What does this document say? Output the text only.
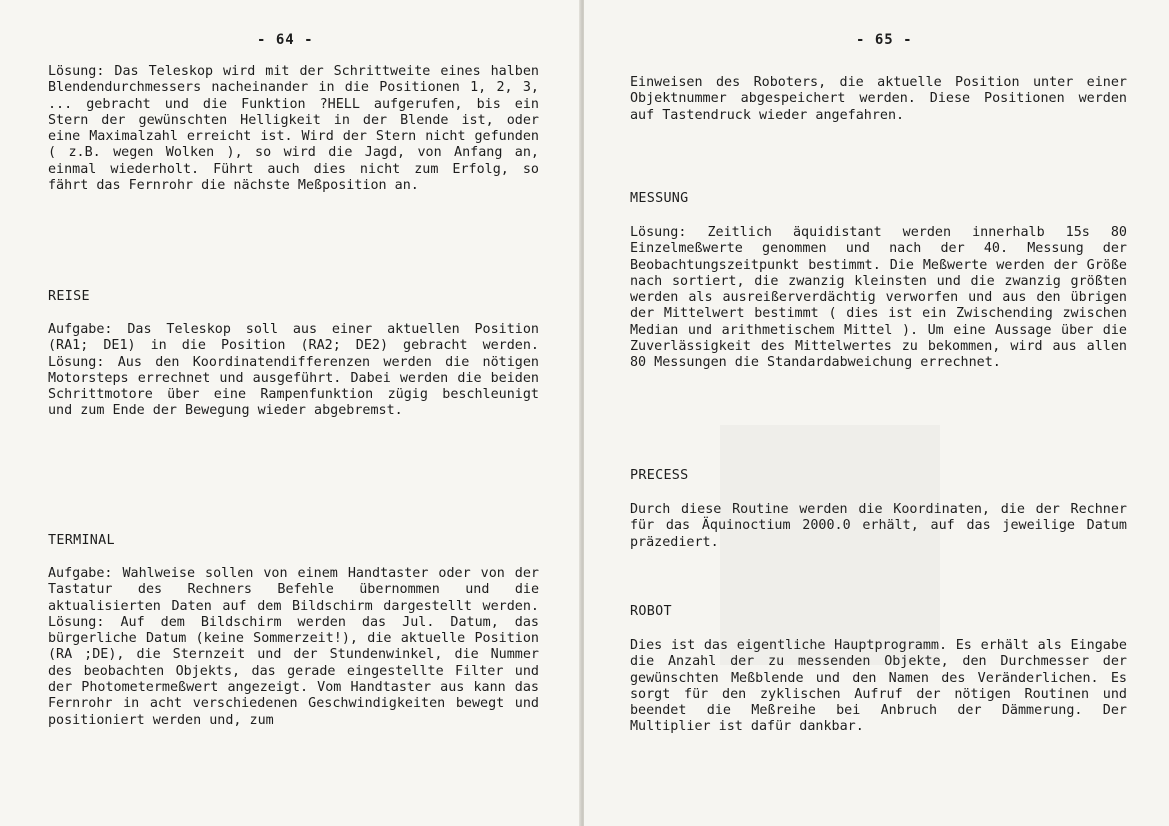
- 64 -
Lösung: Das Teleskop wird mit der Schrittweite eines halben Blendendurchmessers nacheinander in die Positionen 1, 2, 3, ... gebracht und die Funktion ?HELL aufgerufen, bis ein Stern der gewünschten Helligkeit in der Blende ist, oder eine Maximalzahl erreicht ist. Wird der Stern nicht gefunden ( z.B. wegen Wolken ), so wird die Jagd, von Anfang an, einmal wiederholt. Führt auch dies nicht zum Erfolg, so fährt das Fernrohr die nächste Meßposition an.
REISE
Aufgabe: Das Teleskop soll aus einer aktuellen Position (RA1; DE1) in die Position (RA2; DE2) gebracht werden. Lösung: Aus den Koordinatendifferenzen werden die nötigen Motorsteps errechnet und ausgeführt. Dabei werden die beiden Schrittmotore über eine Rampenfunktion zügig beschleunigt und zum Ende der Bewegung wieder abgebremst.
TERMINAL
Aufgabe: Wahlweise sollen von einem Handtaster oder von der Tastatur des Rechners Befehle übernommen und die aktualisierten Daten auf dem Bildschirm dargestellt werden. Lösung: Auf dem Bildschirm werden das Jul. Datum, das bürgerliche Datum (keine Sommerzeit!), die aktuelle Position (RA ;DE), die Sternzeit und der Stundenwinkel, die Nummer des beobachten Objekts, das gerade eingestellte Filter und der Photometermeßwert angezeigt. Vom Handtaster aus kann das Fernrohr in acht verschiedenen Geschwindigkeiten bewegt und positioniert werden und, zum
- 65 -
Einweisen des Roboters, die aktuelle Position unter einer Objektnummer abgespeichert werden. Diese Positionen werden auf Tastendruck wieder angefahren.
MESSUNG
Lösung: Zeitlich äquidistant werden innerhalb 15s 80 Einzelmeßwerte genommen und nach der 40. Messung der Beobachtungszeitpunkt bestimmt. Die Meßwerte werden der Größe nach sortiert, die zwanzig kleinsten und die zwanzig größten werden als ausreißerverdächtig verworfen und aus den übrigen der Mittelwert bestimmt ( dies ist ein Zwischending zwischen Median und arithmetischem Mittel ). Um eine Aussage über die Zuverlässigkeit des Mittelwertes zu bekommen, wird aus allen 80 Messungen die Standardabweichung errechnet.
PRECESS
Durch diese Routine werden die Koordinaten, die der Rechner für das Äquinoctium 2000.0 erhält, auf das jeweilige Datum präzediert.
ROBOT
Dies ist das eigentliche Hauptprogramm. Es erhält als Eingabe die Anzahl der zu messenden Objekte, den Durchmesser der gewünschten Meßblende und den Namen des Veränderlichen. Es sorgt für den zyklischen Aufruf der nötigen Routinen und beendet die Meßreihe bei Anbruch der Dämmerung. Der Multiplier ist dafür dankbar.
